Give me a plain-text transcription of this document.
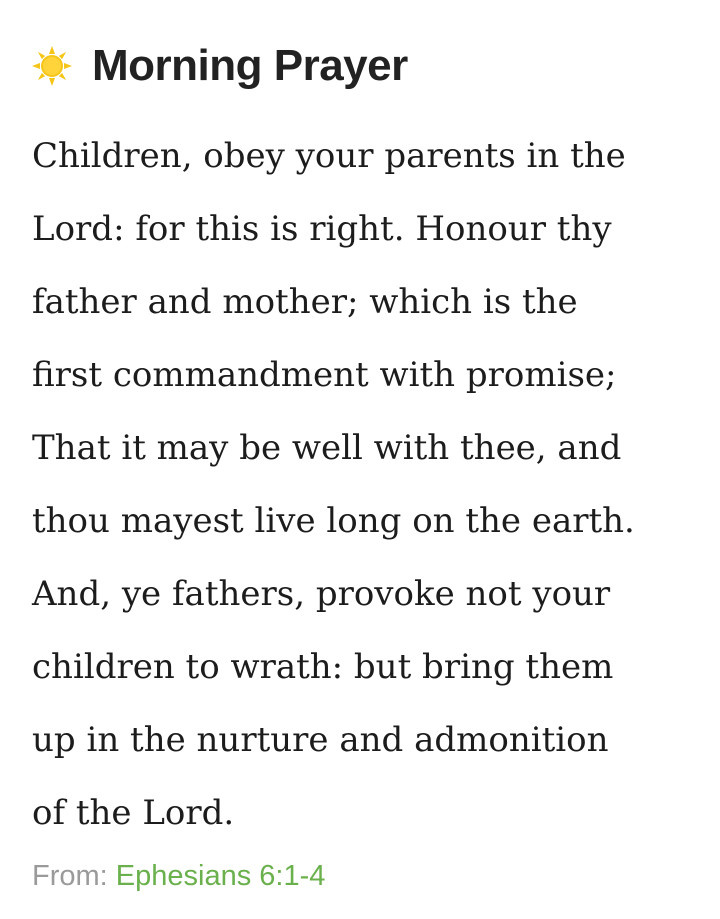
Morning Prayer
Children, obey your parents in the
Lord: for this is right. Honour thy
father and mother; which is the
first commandment with promise;
That it may be well with thee, and
thou mayest live long on the earth.
And, ye fathers, provoke not your
children to wrath: but bring them
up in the nurture and admonition
of the Lord.
From: Ephesians 6:1-4
